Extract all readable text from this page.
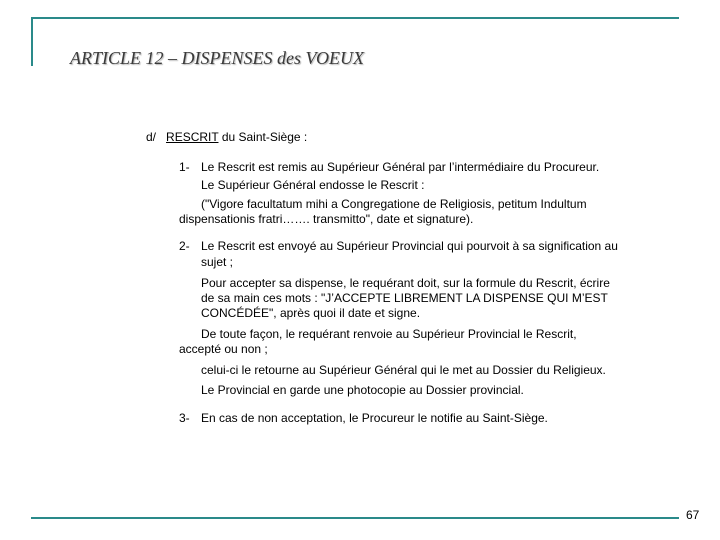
ARTICLE 12 – DISPENSES des VOEUX
d/ RESCRIT du Saint-Siège :
1- Le Rescrit est remis au Supérieur Général par l’intermédiaire du Procureur.
Le Supérieur Général endosse le Rescrit :
("Vigore facultatum mihi a Congregatione de Religiosis, petitum Indultum
dispensationis fratri……. transmitto", date et signature).
2- Le Rescrit est envoyé au Supérieur Provincial qui pourvoit à sa signification au
sujet ;
Pour accepter sa dispense, le requérant doit, sur la formule du Rescrit, écrire
de sa main ces mots : "J’ACCEPTE LIBREMENT LA DISPENSE QUI M’EST
CONCÉDÉE", après quoi il date et signe.
De toute façon, le requérant renvoie au Supérieur Provincial le Rescrit,
accepté ou non ;
celui-ci le retourne au Supérieur Général qui le met au Dossier du Religieux.
Le Provincial en garde une photocopie au Dossier provincial.
3- En cas de non acceptation, le Procureur le notifie au Saint-Siège.
67
